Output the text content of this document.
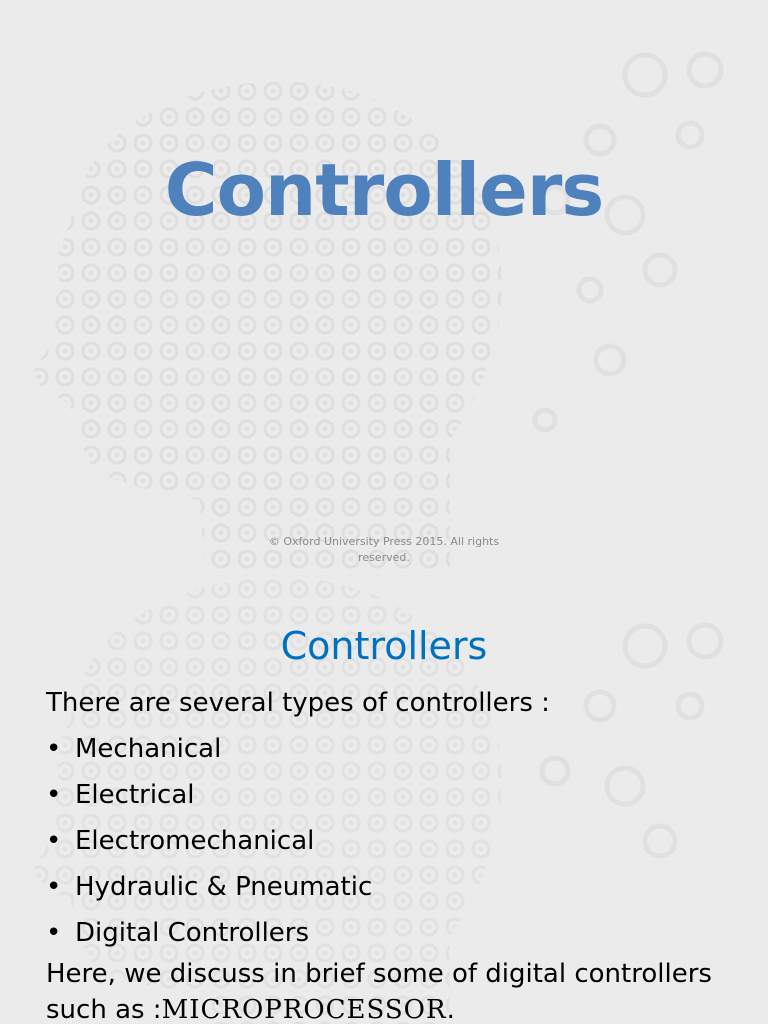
Controllers
© Oxford University Press 2015. All rights
reserved.
Controllers

There are several types of controllers :

• Mechanical
• Electrical
• Electromechanical
• Hydraulic & Pneumatic
• Digital Controllers

Here, we discuss in brief some of digital controllers

such as :MICROPROCESSOR.
